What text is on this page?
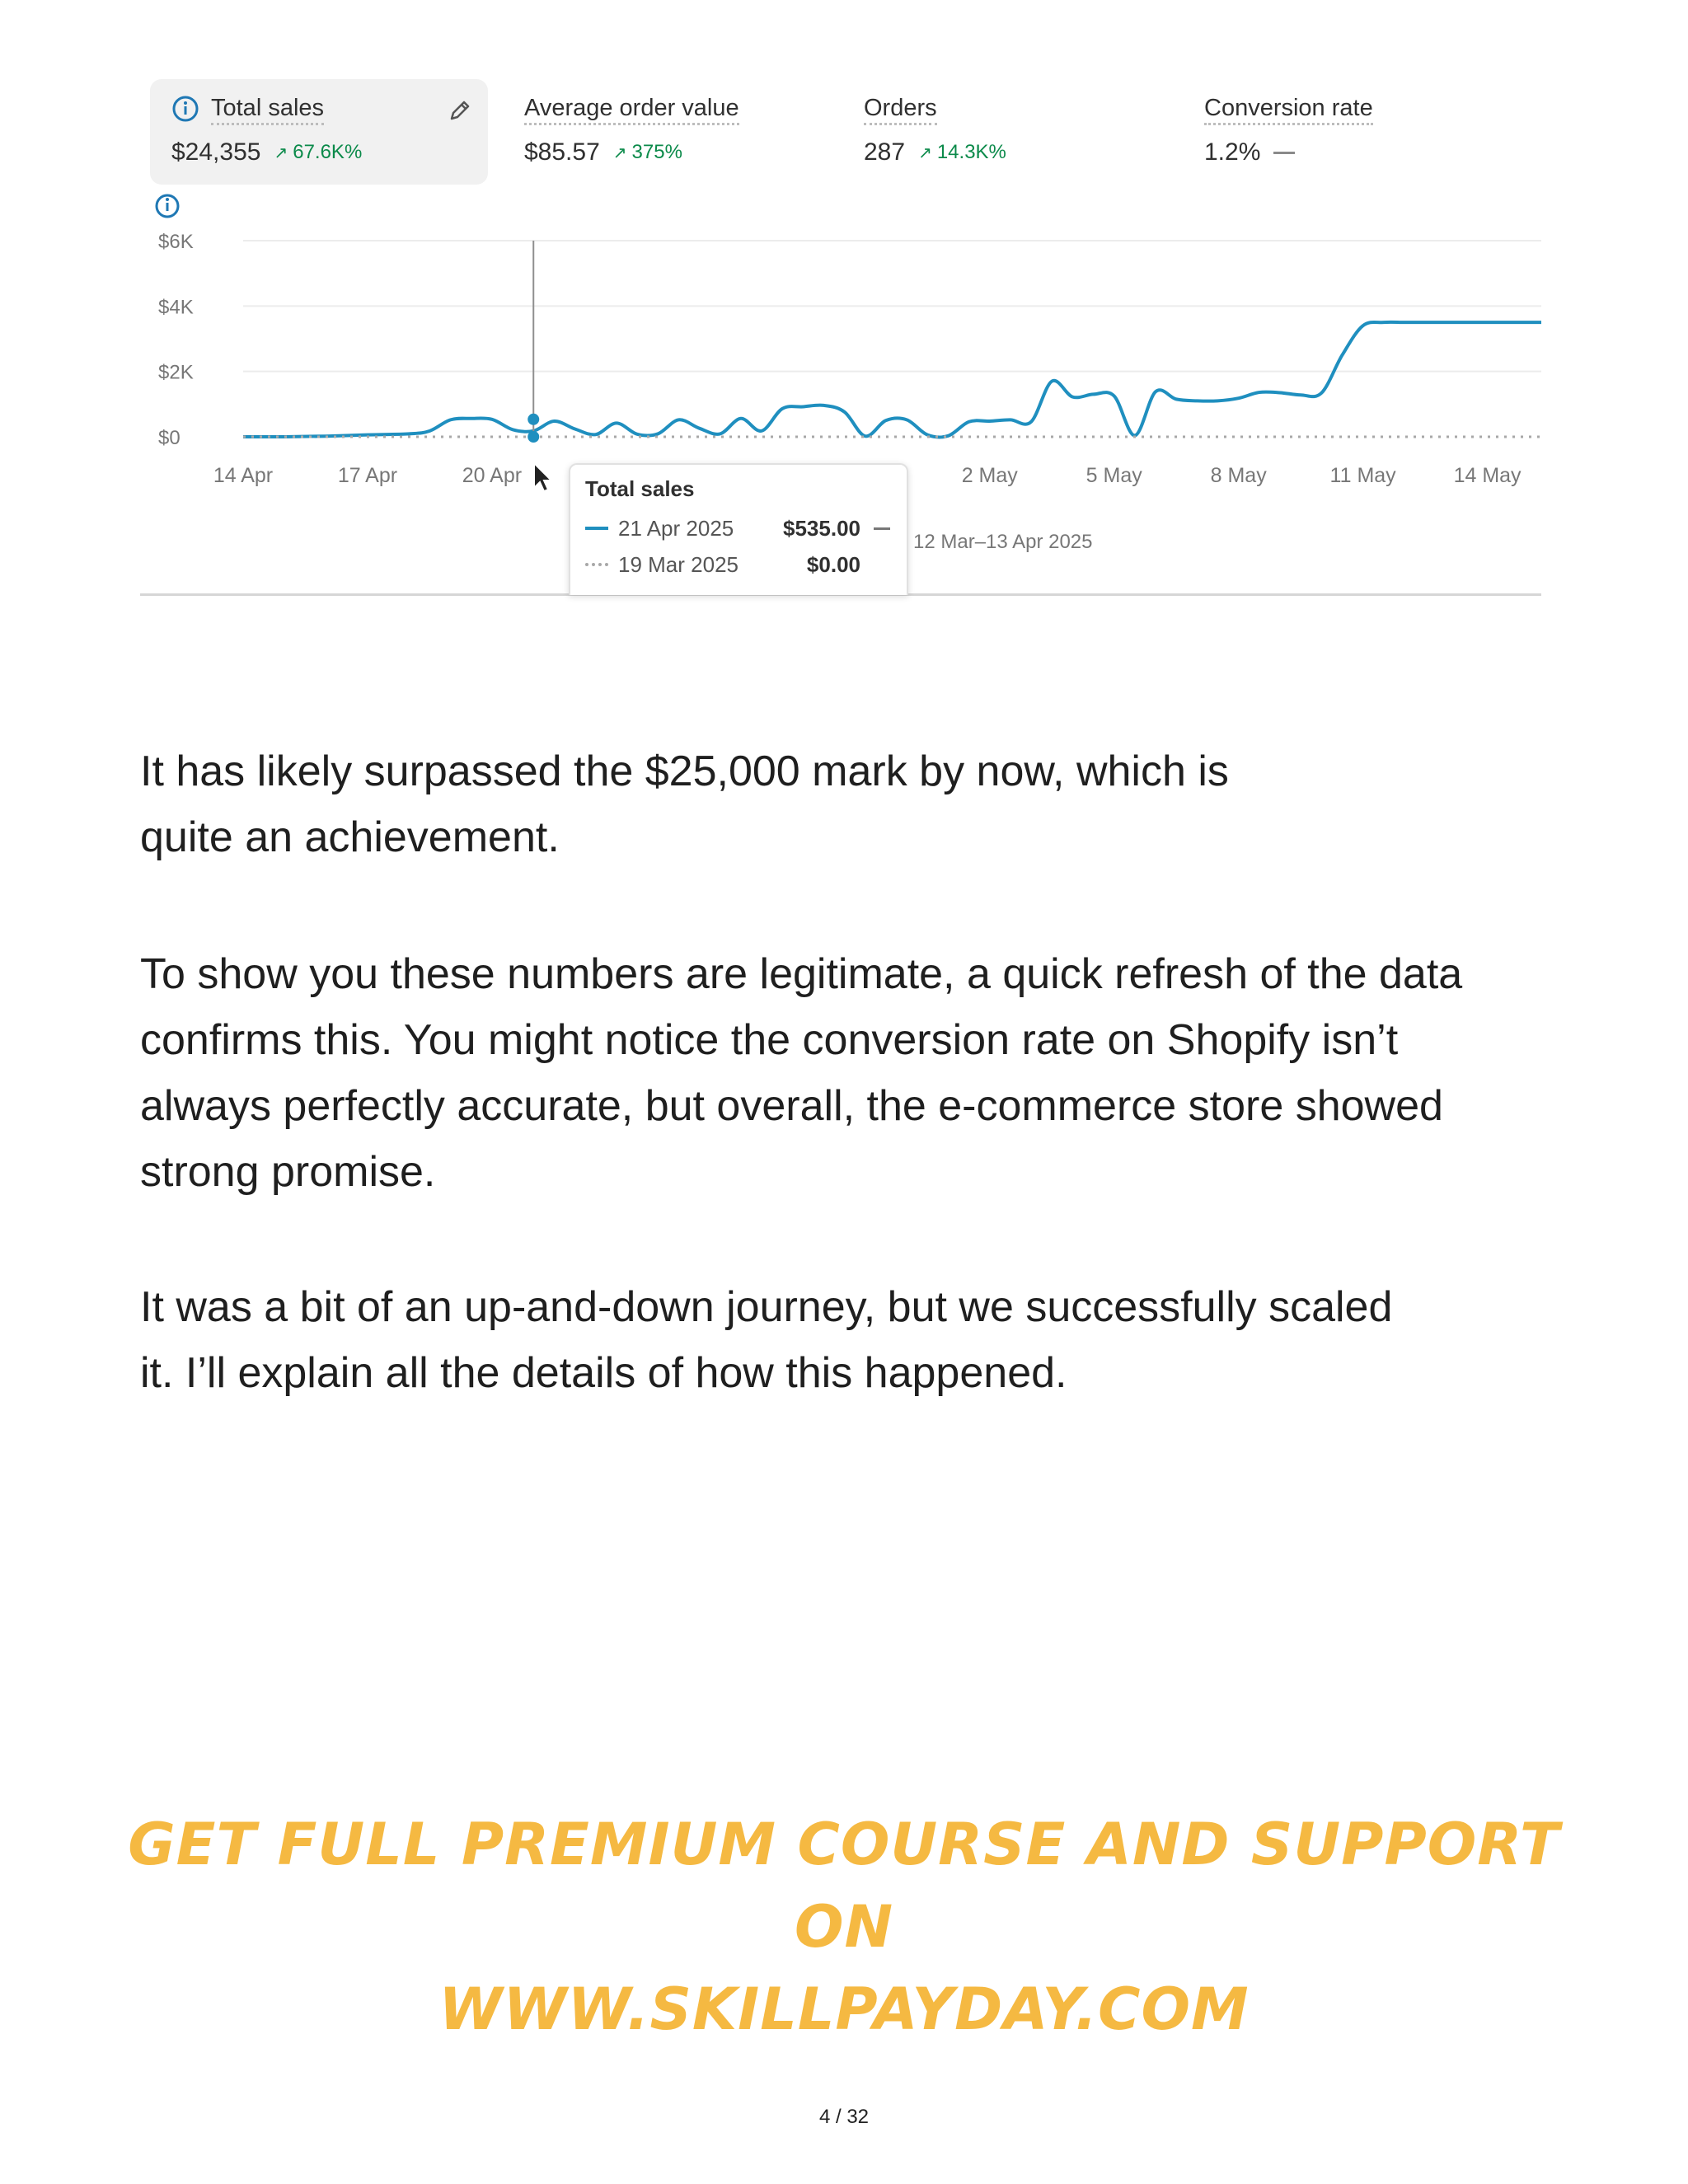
Total sales
$24,355 ↗ 67.6K%
Average order value
$85.57 ↗ 375%
Orders
287 ↗ 14.3K%
Conversion rate
1.2%
$0
$2K
$4K
$6K
14 Apr	17 Apr	20 Apr	2 May	5 May	8 May	11 May	14 May
Total sales
21 Apr 2025	$535.00
19 Mar 2025	$0.00
12 Mar–13 Apr 2025
It has likely surpassed the $25,000 mark by now, which is
quite an achievement.
To show you these numbers are legitimate, a quick refresh of the data
confirms this. You might notice the conversion rate on Shopify isn’t
always perfectly accurate, but overall, the e-commerce store showed
strong promise.
It was a bit of an up-and-down journey, but we successfully scaled
it. I’ll explain all the details of how this happened.
GET FULL PREMIUM COURSE AND SUPPORT ON
WWW.SKILLPAYDAY.COM
4 / 32
